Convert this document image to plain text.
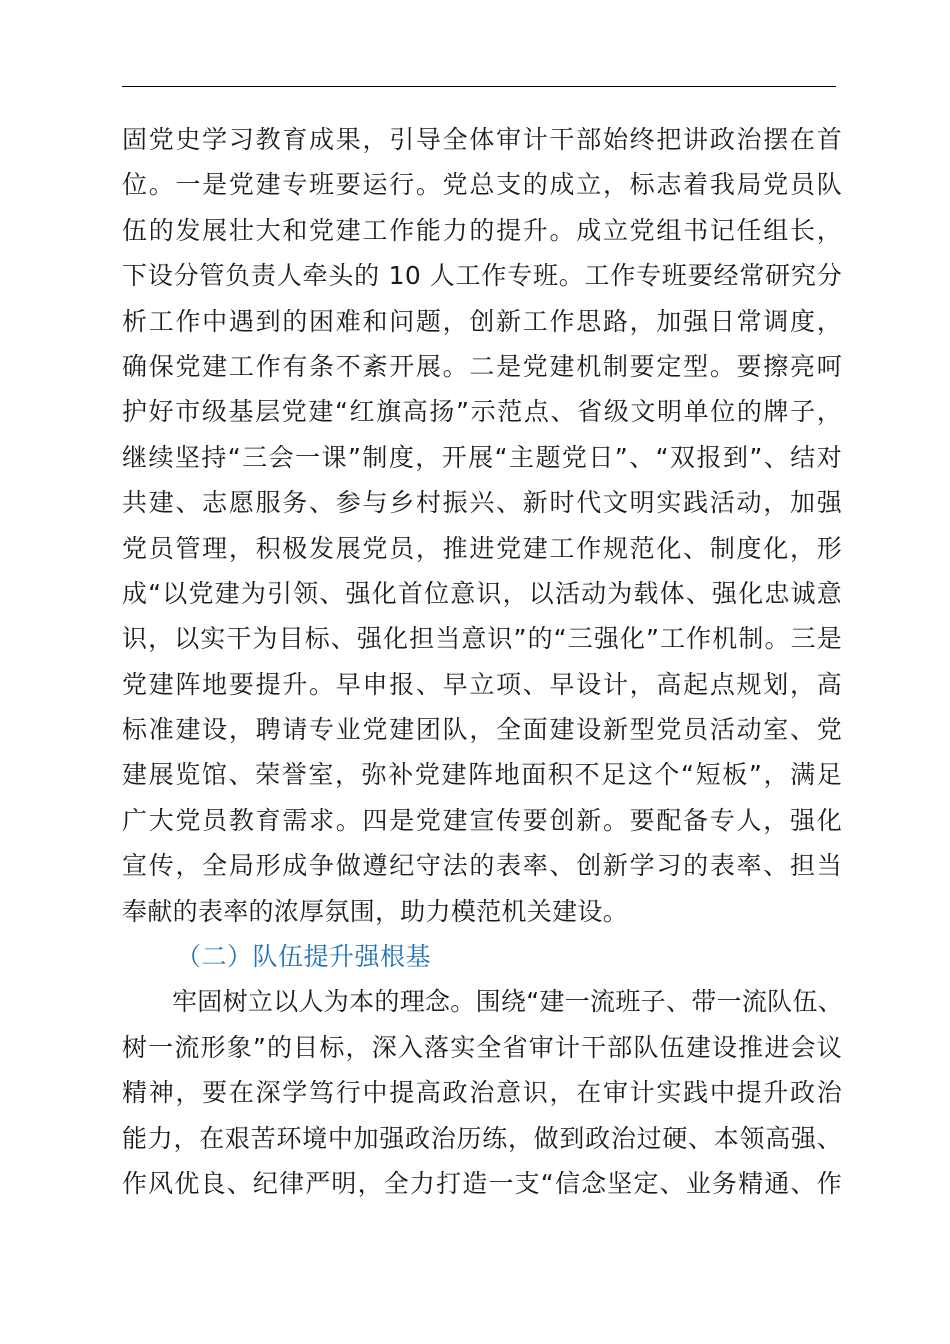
固党史学习教育成果，引导全体审计干部始终把讲政治摆在首
位。一是党建专班要运行。党总支的成立，标志着我局党员队
伍的发展壮大和党建工作能力的提升。成立党组书记任组长，
下设分管负责人牵头的 10 人工作专班。工作专班要经常研究分
析工作中遇到的困难和问题，创新工作思路，加强日常调度，
确保党建工作有条不紊开展。二是党建机制要定型。要擦亮呵
护好市级基层党建“红旗高扬”示范点、省级文明单位的牌子，
继续坚持“三会一课”制度，开展“主题党日”、“双报到”、结对
共建、志愿服务、参与乡村振兴、新时代文明实践活动，加强
党员管理，积极发展党员，推进党建工作规范化、制度化，形
成“以党建为引领、强化首位意识，以活动为载体、强化忠诚意
识，以实干为目标、强化担当意识”的“三强化”工作机制。三是
党建阵地要提升。早申报、早立项、早设计，高起点规划，高
标准建设，聘请专业党建团队，全面建设新型党员活动室、党
建展览馆、荣誉室，弥补党建阵地面积不足这个“短板”，满足
广大党员教育需求。四是党建宣传要创新。要配备专人，强化
宣传，全局形成争做遵纪守法的表率、创新学习的表率、担当
奉献的表率的浓厚氛围，助力模范机关建设。
（二）队伍提升强根基
牢固树立以人为本的理念。围绕“建一流班子、带一流队伍、
树一流形象”的目标，深入落实全省审计干部队伍建设推进会议
精神，要在深学笃行中提高政治意识，在审计实践中提升政治
能力，在艰苦环境中加强政治历练，做到政治过硬、本领高强、
作风优良、纪律严明，全力打造一支“信念坚定、业务精通、作
